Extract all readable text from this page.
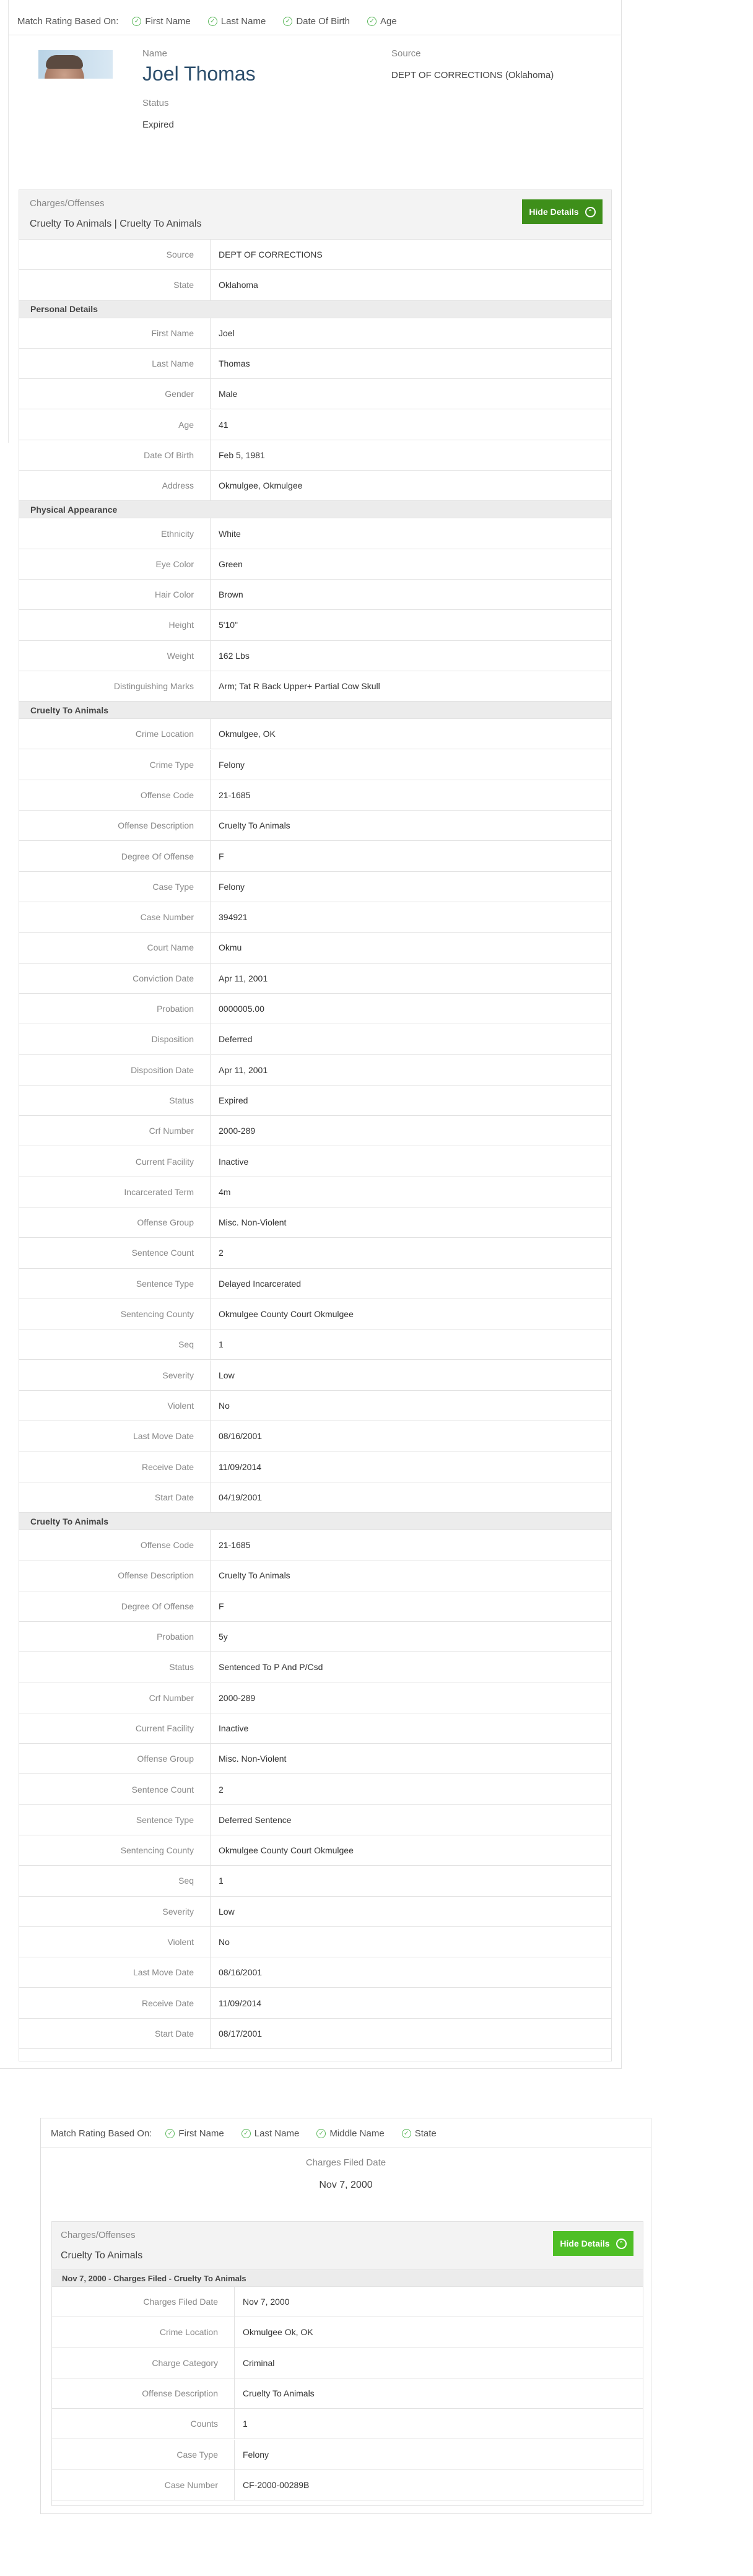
Match Rating Based On:	✓ First Name	✓ Last Name	✓ Date Of Birth	✓ Age
Name
Joel Thomas
Status
Expired
Source
DEPT OF CORRECTIONS (Oklahoma)
Charges/Offenses
Cruelty To Animals | Cruelty To Animals
Hide Details	⌃
Source	DEPT OF CORRECTIONS
State	Oklahoma
Personal Details
First Name	Joel
Last Name	Thomas
Gender	Male
Age	41
Date Of Birth	Feb 5, 1981
Address	Okmulgee, Okmulgee
Physical Appearance
Ethnicity	White
Eye Color	Green
Hair Color	Brown
Height	5'10"
Weight	162 Lbs
Distinguishing Marks	Arm; Tat R Back Upper+ Partial Cow Skull
Cruelty To Animals
Crime Location	Okmulgee, OK
Crime Type	Felony
Offense Code	21-1685
Offense Description	Cruelty To Animals
Degree Of Offense	F
Case Type	Felony
Case Number	394921
Court Name	Okmu
Conviction Date	Apr 11, 2001
Probation	0000005.00
Disposition	Deferred
Disposition Date	Apr 11, 2001
Status	Expired
Crf Number	2000-289
Current Facility	Inactive
Incarcerated Term	4m
Offense Group	Misc. Non-Violent
Sentence Count	2
Sentence Type	Delayed Incarcerated
Sentencing County	Okmulgee County Court Okmulgee
Seq	1
Severity	Low
Violent	No
Last Move Date	08/16/2001
Receive Date	11/09/2014
Start Date	04/19/2001
Cruelty To Animals
Offense Code	21-1685
Offense Description	Cruelty To Animals
Degree Of Offense	F
Probation	5y
Status	Sentenced To P And P/Csd
Crf Number	2000-289
Current Facility	Inactive
Offense Group	Misc. Non-Violent
Sentence Count	2
Sentence Type	Deferred Sentence
Sentencing County	Okmulgee County Court Okmulgee
Seq	1
Severity	Low
Violent	No
Last Move Date	08/16/2001
Receive Date	11/09/2014
Start Date	08/17/2001
Match Rating Based On:	✓ First Name	✓ Last Name	✓ Middle Name	✓ State
Charges Filed Date
Nov 7, 2000
Charges/Offenses
Cruelty To Animals
Hide Details	⌃
Nov 7, 2000 - Charges Filed - Cruelty To Animals
Charges Filed Date	Nov 7, 2000
Crime Location	Okmulgee Ok, OK
Charge Category	Criminal
Offense Description	Cruelty To Animals
Counts	1
Case Type	Felony
Case Number	CF-2000-00289B
